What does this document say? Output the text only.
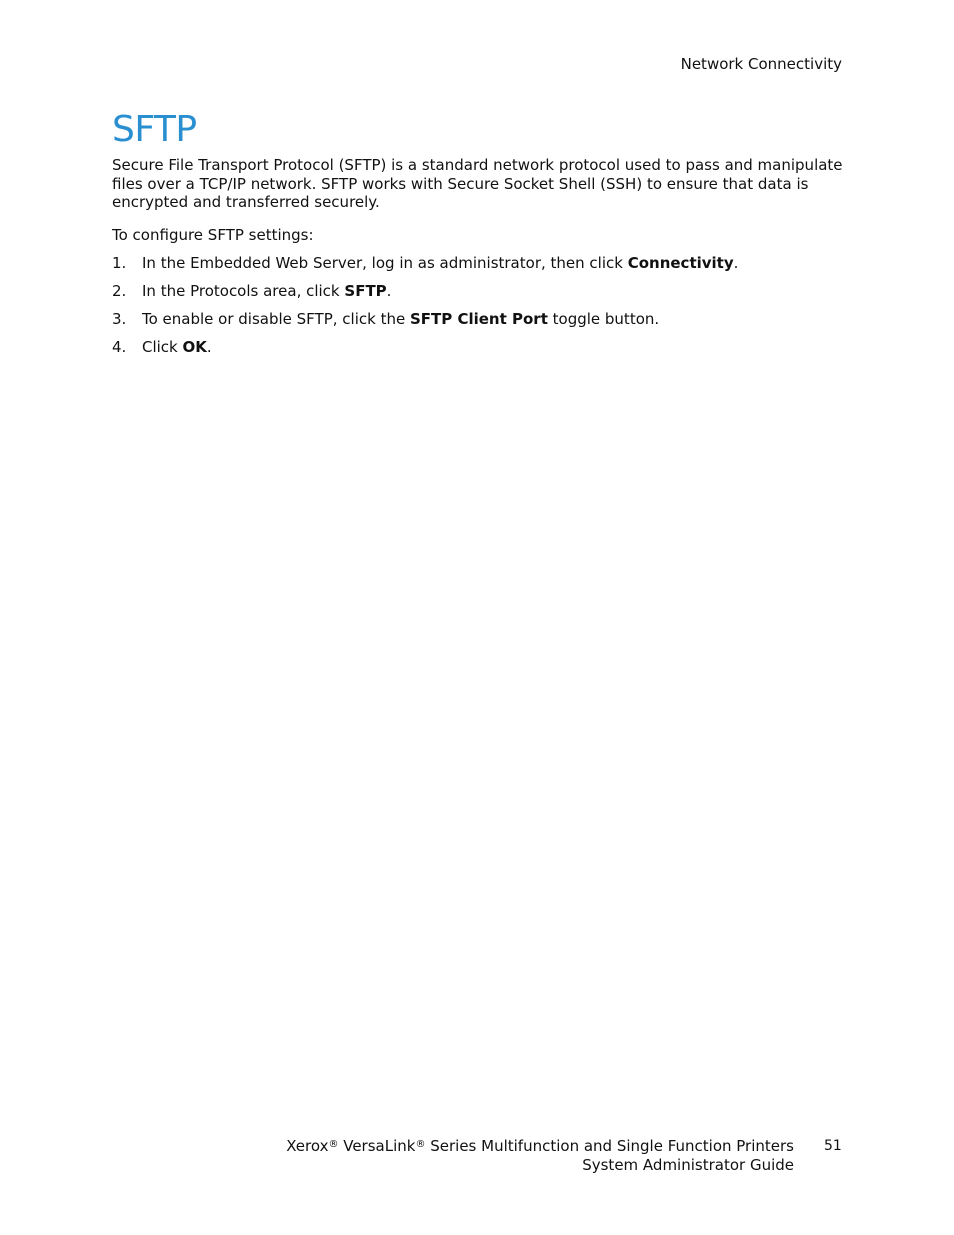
Network Connectivity
SFTP

Secure File Transport Protocol (SFTP) is a standard network protocol used to pass and manipulate files over a TCP/IP network. SFTP works with Secure Socket Shell (SSH) to ensure that data is encrypted and transferred securely.

To configure SFTP settings:

1. In the Embedded Web Server, log in as administrator, then click Connectivity.
2. In the Protocols area, click SFTP.
3. To enable or disable SFTP, click the SFTP Client Port toggle button.
4. Click OK.
Xerox® VersaLink® Series Multifunction and Single Function Printers
System Administrator Guide
51
